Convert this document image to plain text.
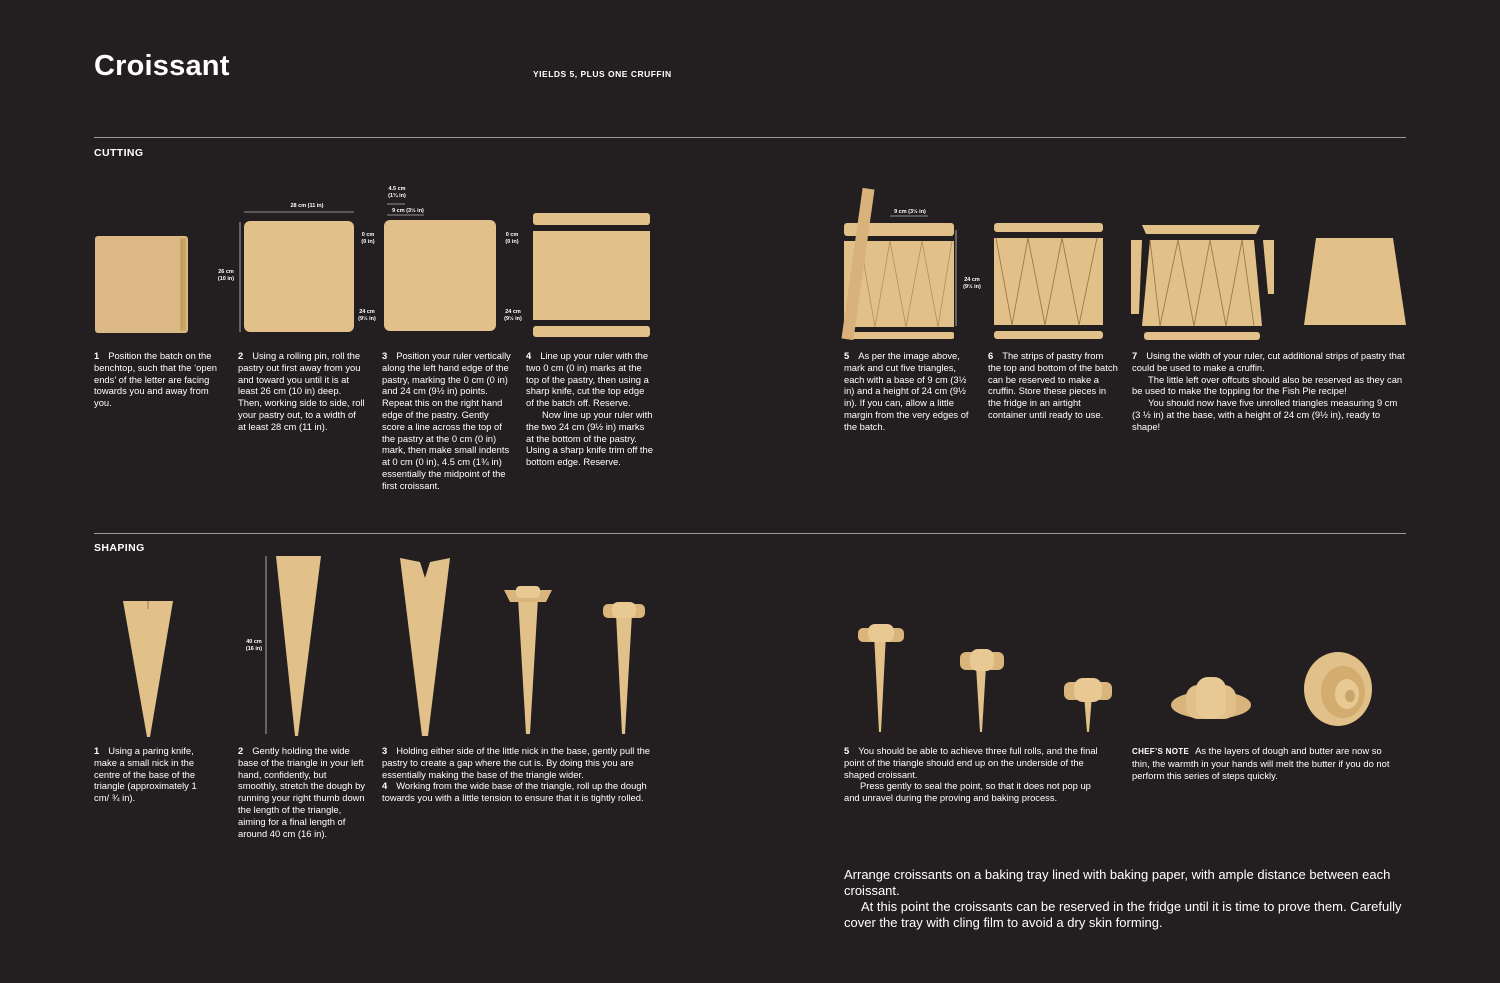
Croissant	YIELDS 5, PLUS ONE CRUFFIN
CUTTING
28 cm (11 in)
26 cm
(10 in)
4.5 cm
(1¾ in)
9 cm (3½ in)
0 cm
(0 in)
24 cm
(9½ in)
0 cm
(0 in)
24 cm
(9½ in)
9 cm (3½ in)
24 cm
(9½ in)

1 Position the batch on the benchtop, such that the ‘open ends’ of the letter are facing towards you and away from you.

2 Using a rolling pin, roll the pastry out first away from you and toward you until it is at least 26 cm (10 in) deep. Then, working side to side, roll your pastry out, to a width of at least 28 cm (11 in).

3 Position your ruler vertically along the left hand edge of the pastry, marking the 0 cm (0 in) and 24 cm (9½ in) points. Repeat this on the right hand edge of the pastry. Gently score a line across the top of the pastry at the 0 cm (0 in) mark, then make small indents at 0 cm (0 in), 4.5 cm (1¾ in) essentially the midpoint of the first croissant.

4 Line up your ruler with the two 0 cm (0 in) marks at the top of the pastry, then using a sharp knife, cut the top edge of the batch off. Reserve.

Now line up your ruler with the two 24 cm (9½ in) marks at the bottom of the pastry. Using a sharp knife trim off the bottom edge. Reserve.

5 As per the image above, mark and cut five triangles, each with a base of 9 cm (3½ in) and a height of 24 cm (9½ in). If you can, allow a little margin from the very edges of the batch.

6 The strips of pastry from the top and bottom of the batch can be reserved to make a cruffin. Store these pieces in the fridge in an airtight container until ready to use.

7 Using the width of your ruler, cut additional strips of pastry that could be used to make a cruffin.

The little left over offcuts should also be reserved as they can be used to make the topping for the Fish Pie recipe!

You should now have five unrolled triangles measuring 9 cm (3 ½ in) at the base, with a height of 24 cm (9½ in), ready to shape!

SHAPING
40 cm
(16 in)

1 Using a paring knife, make a small nick in the centre of the base of the triangle (approximately 1 cm/ ¾ in).

2 Gently holding the wide base of the triangle in your left hand, confidently, but smoothly, stretch the dough by running your right thumb down the length of the triangle, aiming for a final length of around 40 cm (16 in).

3 Holding either side of the little nick in the base, gently pull the pastry to create a gap where the cut is. By doing this you are essentially making the base of the triangle wider.

4 Working from the wide base of the triangle, roll up the dough towards you with a little tension to ensure that it is tightly rolled.

5 You should be able to achieve three full rolls, and the final point of the triangle should end up on the underside of the shaped croissant.

Press gently to seal the point, so that it does not pop up and unravel during the proving and baking process.

CHEF’S NOTE As the layers of dough and butter are now so thin, the warmth in your hands will melt the butter if you do not perform this series of steps quickly.

Arrange croissants on a baking tray lined with baking paper, with ample distance between each croissant.

At this point the croissants can be reserved in the fridge until it is time to prove them. Carefully cover the tray with cling film to avoid a dry skin forming.
